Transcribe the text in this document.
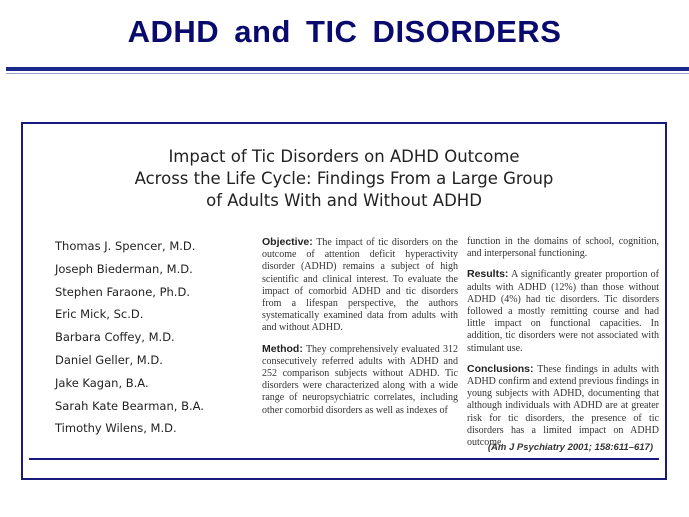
ADHD and TIC DISORDERS
Impact of Tic Disorders on ADHD Outcome
Across the Life Cycle: Findings From a Large Group
of Adults With and Without ADHD
Thomas J. Spencer, M.D.
Joseph Biederman, M.D.
Stephen Faraone, Ph.D.
Eric Mick, Sc.D.
Barbara Coffey, M.D.
Daniel Geller, M.D.
Jake Kagan, B.A.
Sarah Kate Bearman, B.A.
Timothy Wilens, M.D.

Objective: The impact of tic disorders on the outcome of attention deficit hyperactivity disorder (ADHD) remains a subject of high scientific and clinical interest. To evaluate the impact of comorbid ADHD and tic disorders from a lifespan perspective, the authors systematically examined data from adults with and without ADHD.

Method: They comprehensively evaluated 312 consecutively referred adults with ADHD and 252 comparison subjects without ADHD. Tic disorders were characterized along with a wide range of neuropsychiatric correlates, including other comorbid disorders as well as indexes of

function in the domains of school, cognition, and interpersonal functioning.

Results: A significantly greater proportion of adults with ADHD (12%) than those without ADHD (4%) had tic disorders. Tic disorders followed a mostly remitting course and had little impact on functional capacities. In addition, tic disorders were not associated with stimulant use.

Conclusions: These findings in adults with ADHD confirm and extend previous findings in young subjects with ADHD, documenting that although individuals with ADHD are at greater risk for tic disorders, the presence of tic disorders has a limited impact on ADHD outcome.

(Am J Psychiatry 2001; 158:611–617)
